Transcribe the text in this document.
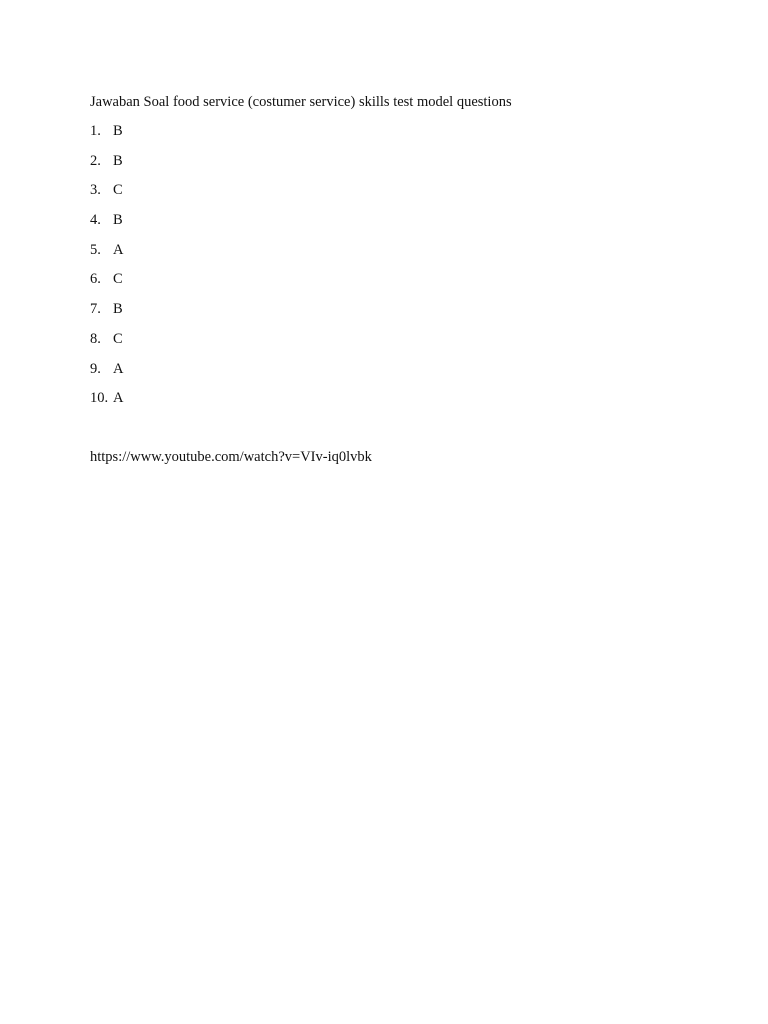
Jawaban Soal food service (costumer service) skills test model questions
1. B
2. B
3. C
4. B
5. A
6. C
7. B
8. C
9. A
10. A
https://www.youtube.com/watch?v=VIv-iq0lvbk
